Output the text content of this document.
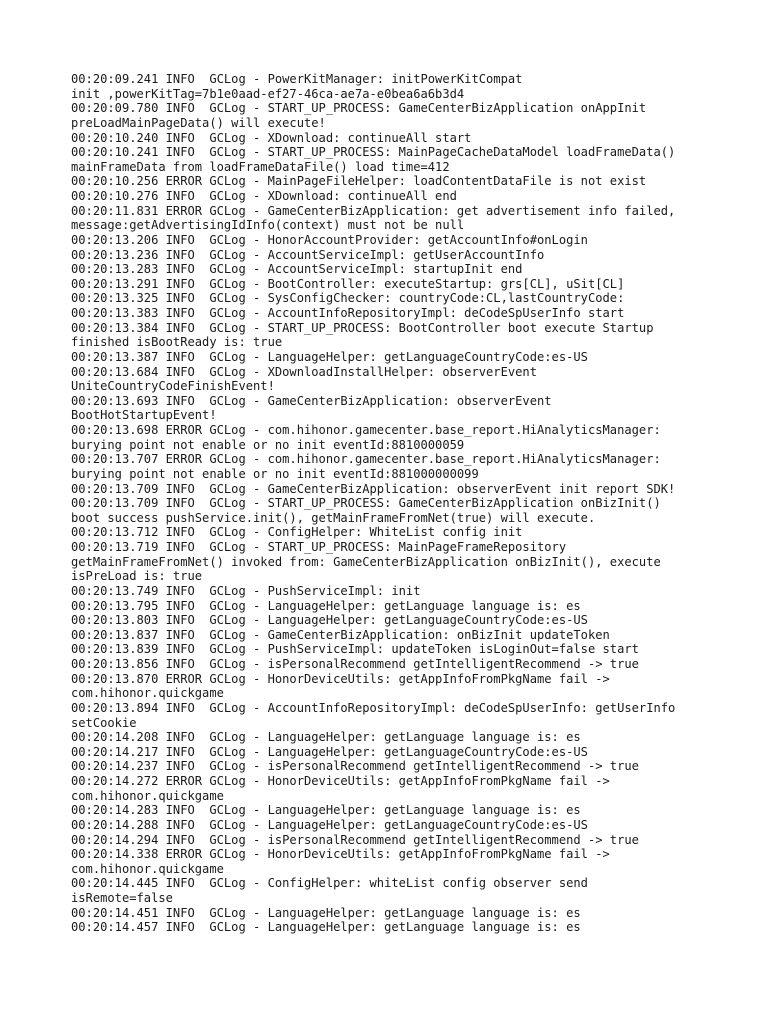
00:20:09.241 INFO  GCLog - PowerKitManager: initPowerKitCompat
init ,powerKitTag=7b1e0aad-ef27-46ca-ae7a-e0bea6a6b3d4
00:20:09.780 INFO  GCLog - START_UP_PROCESS: GameCenterBizApplication onAppInit
preLoadMainPageData() will execute!
00:20:10.240 INFO  GCLog - XDownload: continueAll start
00:20:10.241 INFO  GCLog - START_UP_PROCESS: MainPageCacheDataModel loadFrameData()
mainFrameData from loadFrameDataFile() load time=412
00:20:10.256 ERROR GCLog - MainPageFileHelper: loadContentDataFile is not exist
00:20:10.276 INFO  GCLog - XDownload: continueAll end
00:20:11.831 ERROR GCLog - GameCenterBizApplication: get advertisement info failed,
message:getAdvertisingIdInfo(context) must not be null
00:20:13.206 INFO  GCLog - HonorAccountProvider: getAccountInfo#onLogin
00:20:13.236 INFO  GCLog - AccountServiceImpl: getUserAccountInfo
00:20:13.283 INFO  GCLog - AccountServiceImpl: startupInit end
00:20:13.291 INFO  GCLog - BootController: executeStartup: grs[CL], uSit[CL]
00:20:13.325 INFO  GCLog - SysConfigChecker: countryCode:CL,lastCountryCode:
00:20:13.383 INFO  GCLog - AccountInfoRepositoryImpl: deCodeSpUserInfo start
00:20:13.384 INFO  GCLog - START_UP_PROCESS: BootController boot execute Startup
finished isBootReady is: true
00:20:13.387 INFO  GCLog - LanguageHelper: getLanguageCountryCode:es-US
00:20:13.684 INFO  GCLog - XDownloadInstallHelper: observerEvent
UniteCountryCodeFinishEvent!
00:20:13.693 INFO  GCLog - GameCenterBizApplication: observerEvent
BootHotStartupEvent!
00:20:13.698 ERROR GCLog - com.hihonor.gamecenter.base_report.HiAnalyticsManager:
burying point not enable or no init eventId:8810000059
00:20:13.707 ERROR GCLog - com.hihonor.gamecenter.base_report.HiAnalyticsManager:
burying point not enable or no init eventId:881000000099
00:20:13.709 INFO  GCLog - GameCenterBizApplication: observerEvent init report SDK!
00:20:13.709 INFO  GCLog - START_UP_PROCESS: GameCenterBizApplication onBizInit()
boot success pushService.init(), getMainFrameFromNet(true) will execute.
00:20:13.712 INFO  GCLog - ConfigHelper: WhiteList config init
00:20:13.719 INFO  GCLog - START_UP_PROCESS: MainPageFrameRepository
getMainFrameFromNet() invoked from: GameCenterBizApplication onBizInit(), execute
isPreLoad is: true
00:20:13.749 INFO  GCLog - PushServiceImpl: init
00:20:13.795 INFO  GCLog - LanguageHelper: getLanguage language is: es
00:20:13.803 INFO  GCLog - LanguageHelper: getLanguageCountryCode:es-US
00:20:13.837 INFO  GCLog - GameCenterBizApplication: onBizInit updateToken
00:20:13.839 INFO  GCLog - PushServiceImpl: updateToken isLoginOut=false start
00:20:13.856 INFO  GCLog - isPersonalRecommend getIntelligentRecommend -> true
00:20:13.870 ERROR GCLog - HonorDeviceUtils: getAppInfoFromPkgName fail ->
com.hihonor.quickgame
00:20:13.894 INFO  GCLog - AccountInfoRepositoryImpl: deCodeSpUserInfo: getUserInfo
setCookie
00:20:14.208 INFO  GCLog - LanguageHelper: getLanguage language is: es
00:20:14.217 INFO  GCLog - LanguageHelper: getLanguageCountryCode:es-US
00:20:14.237 INFO  GCLog - isPersonalRecommend getIntelligentRecommend -> true
00:20:14.272 ERROR GCLog - HonorDeviceUtils: getAppInfoFromPkgName fail ->
com.hihonor.quickgame
00:20:14.283 INFO  GCLog - LanguageHelper: getLanguage language is: es
00:20:14.288 INFO  GCLog - LanguageHelper: getLanguageCountryCode:es-US
00:20:14.294 INFO  GCLog - isPersonalRecommend getIntelligentRecommend -> true
00:20:14.338 ERROR GCLog - HonorDeviceUtils: getAppInfoFromPkgName fail ->
com.hihonor.quickgame
00:20:14.445 INFO  GCLog - ConfigHelper: whiteList config observer send
isRemote=false
00:20:14.451 INFO  GCLog - LanguageHelper: getLanguage language is: es
00:20:14.457 INFO  GCLog - LanguageHelper: getLanguage language is: es
